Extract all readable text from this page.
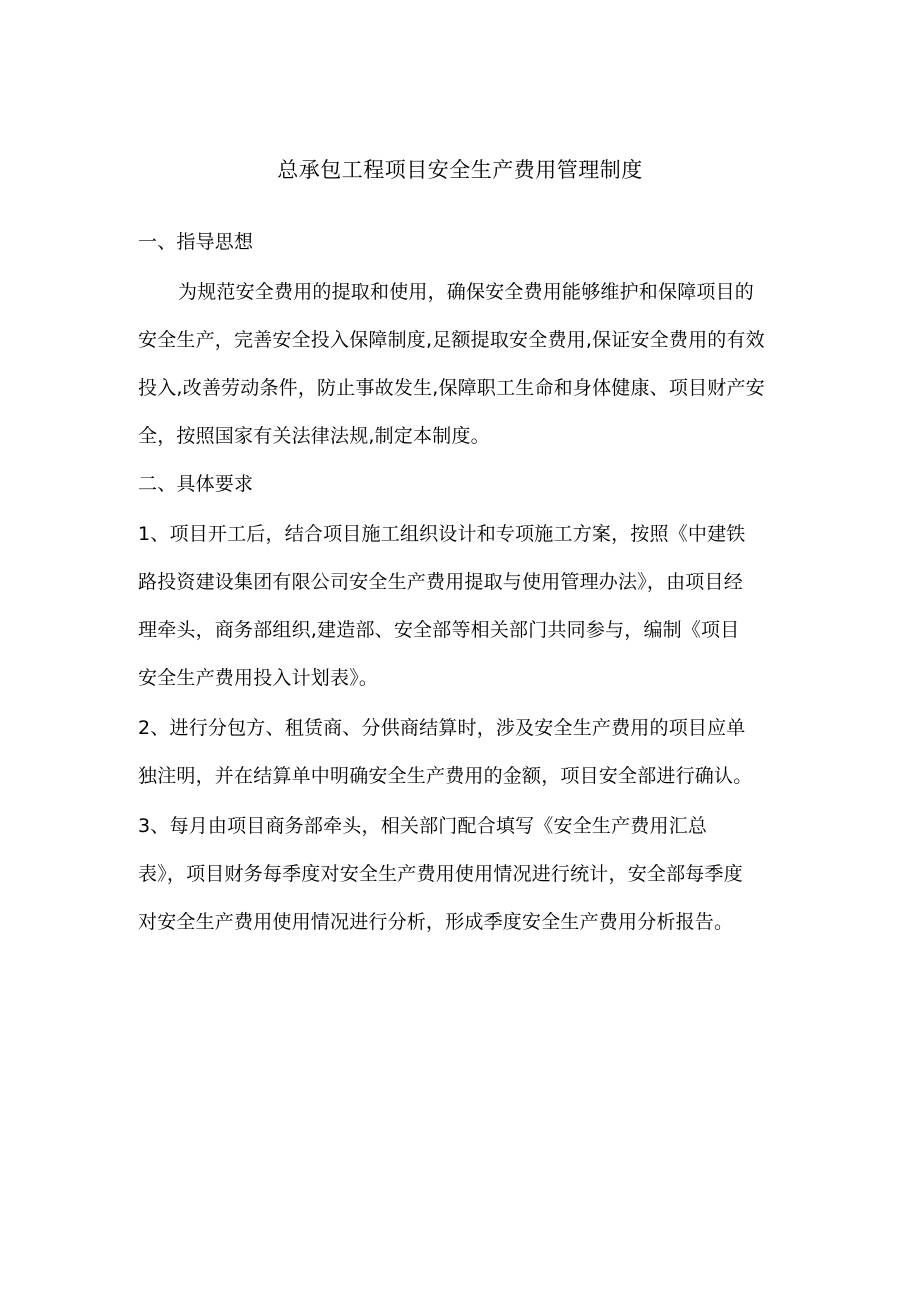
总承包工程项目安全生产费用管理制度
一、指导思想
为规范安全费用的提取和使用，确保安全费用能够维护和保障项目的
安全生产，完善安全投入保障制度,足额提取安全费用,保证安全费用的有效
投入,改善劳动条件，防止事故发生,保障职工生命和身体健康、项目财产安
全，按照国家有关法律法规,制定本制度。
二、具体要求
1、项目开工后，结合项目施工组织设计和专项施工方案，按照《中建铁
路投资建设集团有限公司安全生产费用提取与使用管理办法》，由项目经
理牵头，商务部组织,建造部、安全部等相关部门共同参与，编制《项目
安全生产费用投入计划表》。
2、进行分包方、租赁商、分供商结算时，涉及安全生产费用的项目应单
独注明，并在结算单中明确安全生产费用的金额，项目安全部进行确认。
3、每月由项目商务部牵头，相关部门配合填写《安全生产费用汇总
表》，项目财务每季度对安全生产费用使用情况进行统计，安全部每季度
对安全生产费用使用情况进行分析，形成季度安全生产费用分析报告。
